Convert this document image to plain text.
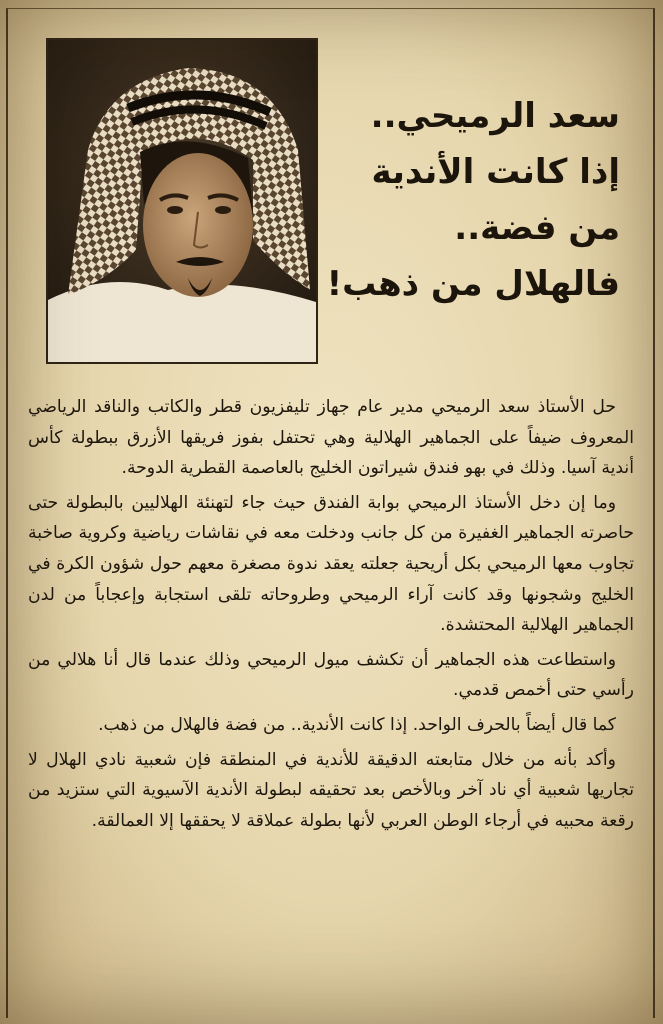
سعد الرميحي..
إذا كانت الأندية
من فضة..
فالهلال من ذهب!

حل الأستاذ سعد الرميحي مدير عام جهاز تليفزيون قطر والكاتب والناقد الرياضي المعروف ضيفاً على الجماهير الهلالية وهي تحتفل بفوز فريقها الأزرق ببطولة كأس أندية آسيا. وذلك في بهو فندق شيراتون الخليج بالعاصمة القطرية الدوحة.

وما إن دخل الأستاذ الرميحي بوابة الفندق حيث جاء لتهنئة الهلاليين بالبطولة حتى حاصرته الجماهير الغفيرة من كل جانب ودخلت معه في نقاشات رياضية وكروية صاخبة تجاوب معها الرميحي بكل أريحية جعلته يعقد ندوة مصغرة معهم حول شؤون الكرة في الخليج وشجونها وقد كانت آراء الرميحي وطروحاته تلقى استجابة وإعجاباً من لدن الجماهير الهلالية المحتشدة.

واستطاعت هذه الجماهير أن تكشف ميول الرميحي وذلك عندما قال أنا هلالي من رأسي حتى أخمص قدمي.

كما قال أيضاً بالحرف الواحد. إذا كانت الأندية.. من فضة فالهلال من ذهب.

وأكد بأنه من خلال متابعته الدقيقة للأندية في المنطقة فإن شعبية نادي الهلال لا تجاريها شعبية أي ناد آخر وبالأخص بعد تحقيقه لبطولة الأندية الآسيوية التي ستزيد من رقعة محبيه في أرجاء الوطن العربي لأنها بطولة عملاقة لا يحققها إلا العمالقة.
